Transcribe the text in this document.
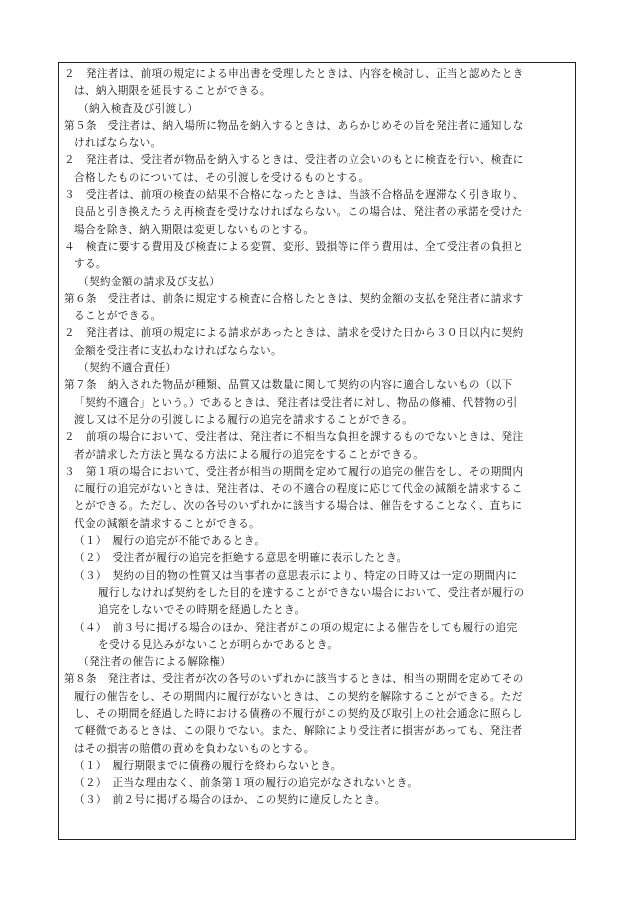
２　発注者は、前項の規定による申出書を受理したときは、内容を検討し、正当と認めたとき
は、納入期限を延長することができる。
（納入検査及び引渡し）
第５条　受注者は、納入場所に物品を納入するときは、あらかじめその旨を発注者に通知しな
ければならない。
２　発注者は、受注者が物品を納入するときは、受注者の立会いのもとに検査を行い、検査に
合格したものについては、その引渡しを受けるものとする。
３　受注者は、前項の検査の結果不合格になったときは、当該不合格品を遅滞なく引き取り、
良品と引き換えたうえ再検査を受けなければならない。この場合は、発注者の承諾を受けた
場合を除き、納入期限は変更しないものとする。
４　検査に要する費用及び検査による変質、変形、毀損等に伴う費用は、全て受注者の負担と
する。
（契約金額の請求及び支払）
第６条　受注者は、前条に規定する検査に合格したときは、契約金額の支払を発注者に請求す
ることができる。
２　発注者は、前項の規定による請求があったときは、請求を受けた日から３０日以内に契約
金額を受注者に支払わなければならない。
（契約不適合責任）
第７条　納入された物品が種類、品質又は数量に関して契約の内容に適合しないもの（以下
「契約不適合」という。）であるときは、発注者は受注者に対し、物品の修補、代替物の引
渡し又は不足分の引渡しによる履行の追完を請求することができる。
２　前項の場合において、受注者は、発注者に不相当な負担を課するものでないときは、発注
者が請求した方法と異なる方法による履行の追完をすることができる。
３　第１項の場合において、受注者が相当の期間を定めて履行の追完の催告をし、その期間内
に履行の追完がないときは、発注者は、その不適合の程度に応じて代金の減額を請求するこ
とができる。ただし、次の各号のいずれかに該当する場合は、催告をすることなく、直ちに
代金の減額を請求することができる。
（１）　履行の追完が不能であるとき。
（２）　受注者が履行の追完を拒絶する意思を明確に表示したとき。
（３）　契約の目的物の性質又は当事者の意思表示により、特定の日時又は一定の期間内に
履行しなければ契約をした目的を達することができない場合において、受注者が履行の
追完をしないでその時期を経過したとき。
（４）　前３号に掲げる場合のほか、発注者がこの項の規定による催告をしても履行の追完
を受ける見込みがないことが明らかであるとき。
（発注者の催告による解除権）
第８条　発注者は、受注者が次の各号のいずれかに該当するときは、相当の期間を定めてその
履行の催告をし、その期間内に履行がないときは、この契約を解除することができる。ただ
し、その期間を経過した時における債務の不履行がこの契約及び取引上の社会通念に照らし
て軽微であるときは、この限りでない。また、解除により受注者に損害があっても、発注者
はその損害の賠償の責めを負わないものとする。
（１）　履行期限までに債務の履行を終わらないとき。
（２）　正当な理由なく、前条第１項の履行の追完がなされないとき。
（３）　前２号に掲げる場合のほか、この契約に違反したとき。
